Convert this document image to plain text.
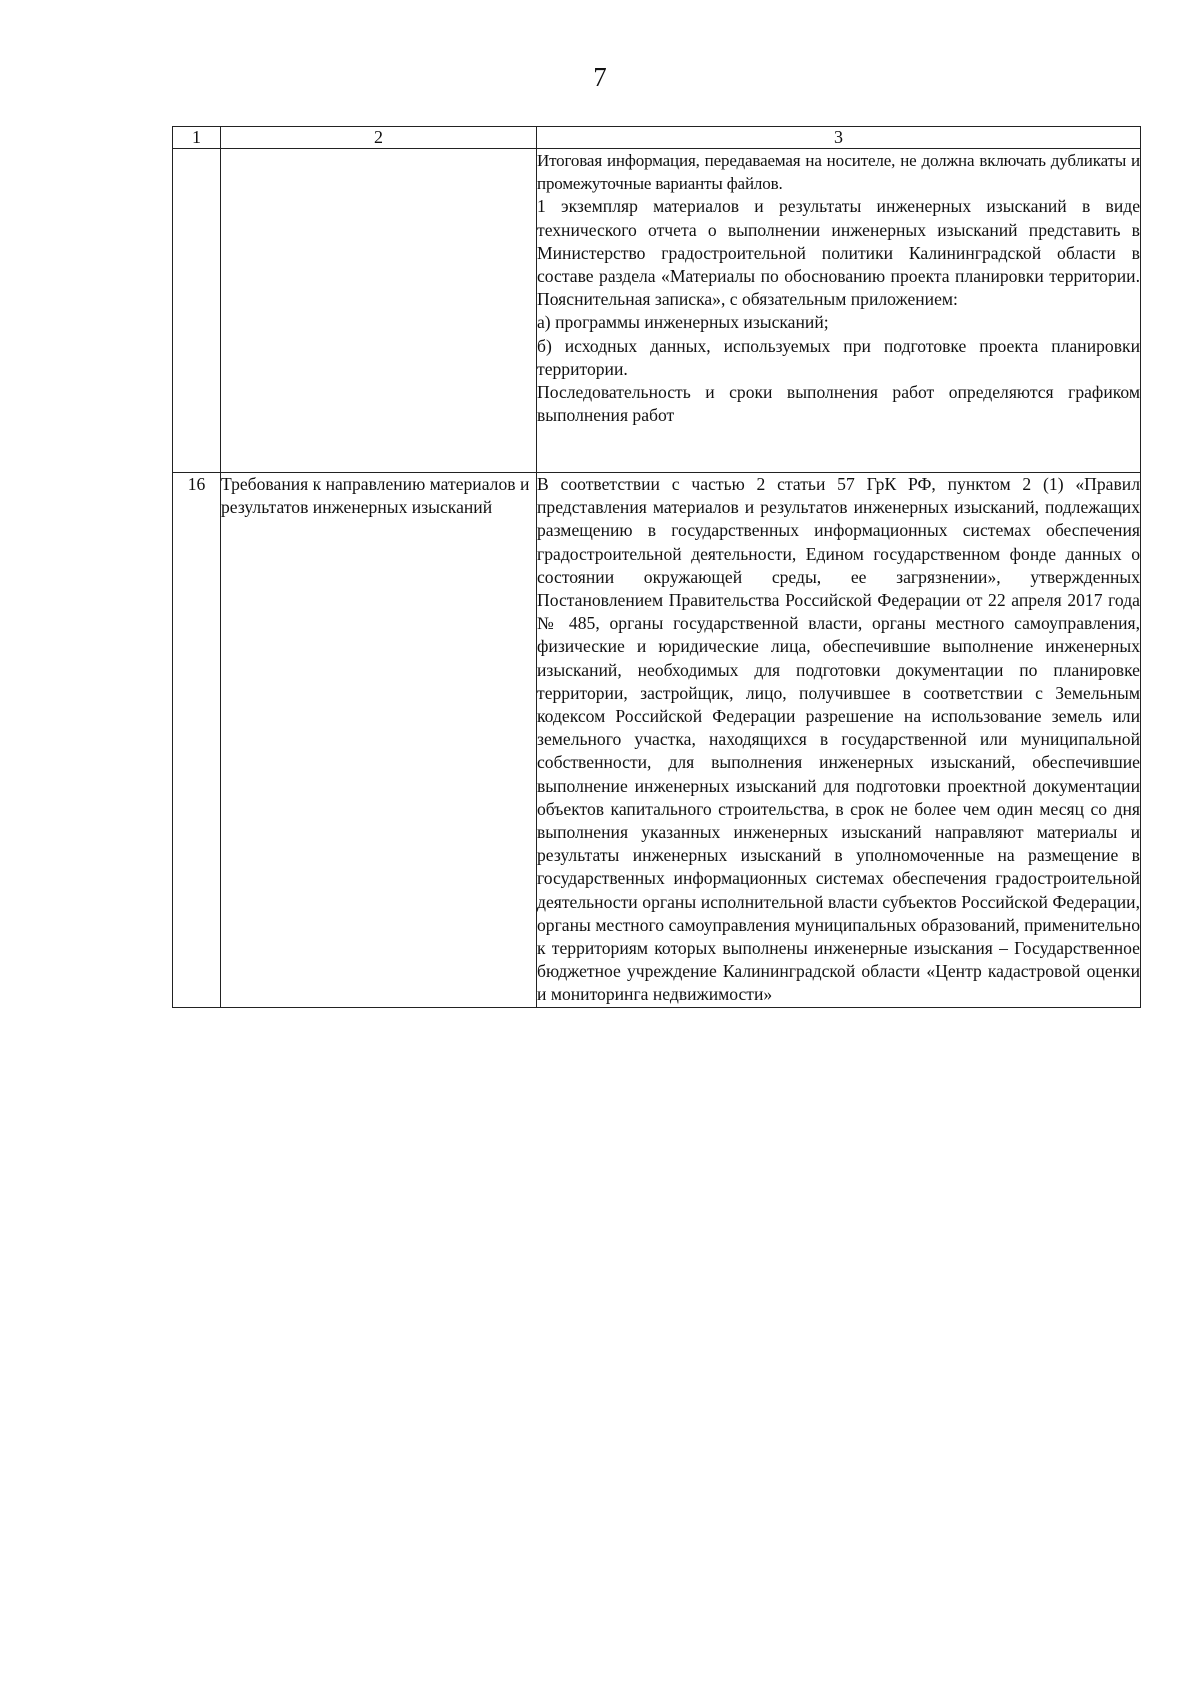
7
1	2	3

		Итоговая информация, передаваемая на носителе, не должна включать дубликаты и промежуточные варианты файлов.

1 экземпляр материалов и результаты инженерных изысканий в виде технического отчета о выполнении инженерных изысканий представить в Министерство градостроительной политики Калининградской области в составе раздела «Материалы по обоснованию проекта планировки территории. Пояснительная записка», с обязательным приложением:

а) программы инженерных изысканий;

б) исходных данных, используемых при подготовке проекта планировки территории.

Последовательность и сроки выполнения работ определяются графиком выполнения работ

16	Требования к направлению материалов и результатов инженерных изысканий	В соответствии с частью 2 статьи 57 ГрК РФ, пунктом 2 (1) «Правил представления материалов и результатов инженерных изысканий, подлежащих размещению в государственных информационных системах обеспечения градостроительной деятельности, Едином государственном фонде данных о состоянии окружающей среды, ее загрязнении», утвержденных Постановлением Правительства Российской Федерации от 22 апреля 2017 года № 485, органы государственной власти, органы местного самоуправления, физические и юридические лица, обеспечившие выполнение инженерных изысканий, необходимых для подготовки документации по планировке территории, застройщик, лицо, получившее в соответствии с Земельным кодексом Российской Федерации разрешение на использование земель или земельного участка, находящихся в государственной или муниципальной собственности, для выполнения инженерных изысканий, обеспечившие выполнение инженерных изысканий для подготовки проектной документации объектов капитального строительства, в срок не более чем один месяц со дня выполнения указанных инженерных изысканий направляют материалы и результаты инженерных изысканий в уполномоченные на размещение в государственных информационных системах обеспечения градостроительной деятельности органы исполнительной власти субъектов Российской Федерации, органы местного самоуправления муниципальных образований, применительно к территориям которых выполнены инженерные изыскания – Государственное бюджетное учреждение Калининградской области «Центр кадастровой оценки и мониторинга недвижимости»
